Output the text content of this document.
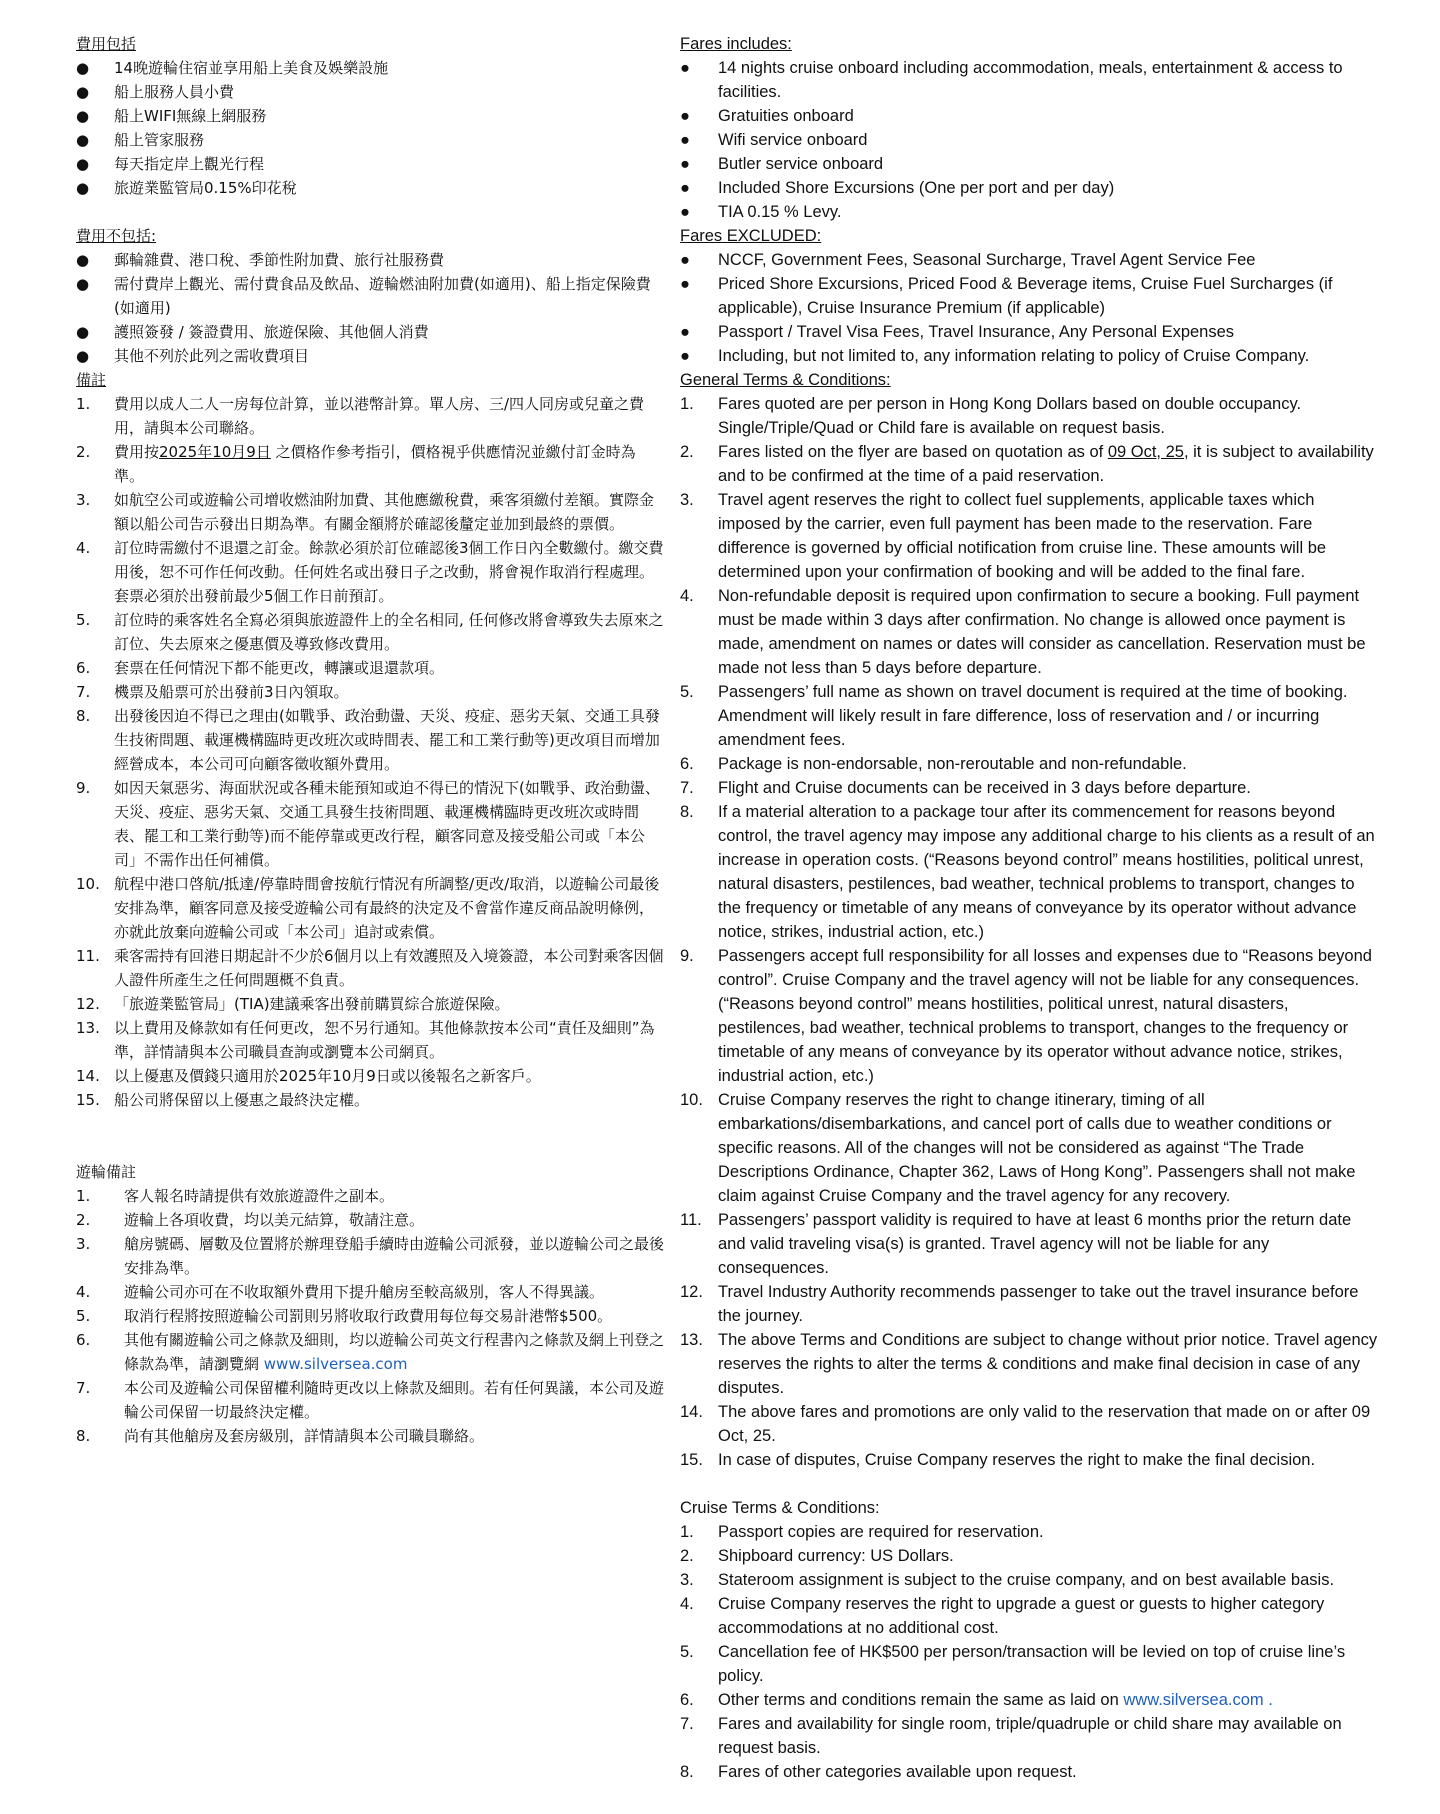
費用包括
●	14晚遊輪住宿並享用船上美食及娛樂設施
●	船上服務人員小費
●	船上WIFI無線上網服務
●	船上管家服務
●	每天指定岸上觀光行程
●	旅遊業監管局0.15%印花稅
費用不包括:
●	郵輪雜費、港口稅、季節性附加費、旅行社服務費
●	需付費岸上觀光、需付費食品及飲品、遊輪燃油附加費(如適用)、船上指定保險費(如適用)
●	護照簽發 / 簽證費用、旅遊保險、其他個人消費
●	其他不列於此列之需收費項目
備註
1.	費用以成人二人一房每位計算，並以港幣計算。單人房、三/四人同房或兒童之費用，請與本公司聯絡。
2.	費用按2025年10月9日 之價格作參考指引，價格視乎供應情況並繳付訂金時為準。
3.	如航空公司或遊輪公司增收燃油附加費、其他應繳稅費，乘客須繳付差額。實際金額以船公司告示發出日期為準。有關金額將於確認後釐定並加到最終的票價。
4.	訂位時需繳付不退還之訂金。餘款必須於訂位確認後3個工作日內全數繳付。繳交費用後，恕不可作任何改動。任何姓名或出發日子之改動，將會視作取消行程處理。套票必須於出發前最少5個工作日前預訂。
5.	訂位時的乘客姓名全寫必須與旅遊證件上的全名相同, 任何修改將會導致失去原來之訂位、失去原來之優惠價及導致修改費用。
6.	套票在任何情況下都不能更改，轉讓或退還款項。
7.	機票及船票可於出發前3日內領取。
8.	出發後因迫不得已之理由(如戰爭、政治動盪、天災、疫症、惡劣天氣、交通工具發生技術問題、載運機構臨時更改班次或時間表、罷工和工業行動等)更改項目而增加經營成本，本公司可向顧客徵收額外費用。
9.	如因天氣惡劣、海面狀況或各種未能預知或迫不得已的情況下(如戰爭、政治動盪、天災、疫症、惡劣天氣、交通工具發生技術問題、載運機構臨時更改班次或時間表、罷工和工業行動等)而不能停靠或更改行程，顧客同意及接受船公司或「本公司」不需作出任何補償。
10. 航程中港口啓航/抵達/停靠時間會按航行情況有所調整/更改/取消，以遊輪公司最後安排為準，顧客同意及接受遊輪公司有最終的決定及不會當作違反商品說明條例，亦就此放棄向遊輪公司或「本公司」追討或索償。
11. 乘客需持有回港日期起計不少於6個月以上有效護照及入境簽證，本公司對乘客因個人證件所產生之任何問題概不負責。
12. 「旅遊業監管局」(TIA)建議乘客出發前購買綜合旅遊保險。
13. 以上費用及條款如有任何更改，恕不另行通知。其他條款按本公司“責任及細則”為準，詳情請與本公司職員查詢或瀏覽本公司網頁。
14. 以上優惠及價錢只適用於2025年10月9日或以後報名之新客戶。
15. 船公司將保留以上優惠之最終決定權。
遊輪備註
1.	客人報名時請提供有效旅遊證件之副本。
2.	遊輪上各項收費，均以美元結算，敬請注意。
3.	艙房號碼、層數及位置將於辦理登船手續時由遊輪公司派發，並以遊輪公司之最後安排為準。
4.	遊輪公司亦可在不收取額外費用下提升艙房至較高級別，客人不得異議。
5.	取消行程將按照遊輪公司罰則另將收取行政費用每位每交易計港幣$500。
6.	其他有關遊輪公司之條款及細則，均以遊輪公司英文行程書內之條款及網上刊登之條款為準，請瀏覽網 www.silversea.com
7.	本公司及遊輪公司保留權利隨時更改以上條款及細則。若有任何異議，本公司及遊輪公司保留一切最終決定權。
8.	尚有其他艙房及套房級別，詳情請與本公司職員聯絡。
Fares includes:
●	14 nights cruise onboard including accommodation, meals, entertainment & access to facilities.
●	Gratuities onboard
●	Wifi service onboard
●	Butler service onboard
●	Included Shore Excursions (One per port and per day)
●	TIA 0.15 % Levy.
Fares EXCLUDED:
●	NCCF, Government Fees, Seasonal Surcharge, Travel Agent Service Fee
●	Priced Shore Excursions, Priced Food & Beverage items, Cruise Fuel Surcharges (if applicable), Cruise Insurance Premium (if applicable)
●	Passport / Travel Visa Fees, Travel Insurance, Any Personal Expenses
●	Including, but not limited to, any information relating to policy of Cruise Company.
General Terms & Conditions:
1.	Fares quoted are per person in Hong Kong Dollars based on double occupancy. Single/Triple/Quad or Child fare is available on request basis.
2.	Fares listed on the flyer are based on quotation as of 09 Oct, 25, it is subject to availability and to be confirmed at the time of a paid reservation.
3.	Travel agent reserves the right to collect fuel supplements, applicable taxes which imposed by the carrier, even full payment has been made to the reservation. Fare difference is governed by official notification from cruise line. These amounts will be determined upon your confirmation of booking and will be added to the final fare.
4.	Non-refundable deposit is required upon confirmation to secure a booking. Full payment must be made within 3 days after confirmation. No change is allowed once payment is made, amendment on names or dates will consider as cancellation. Reservation must be made not less than 5 days before departure.
5.	Passengers’ full name as shown on travel document is required at the time of booking. Amendment will likely result in fare difference, loss of reservation and / or incurring amendment fees.
6.	Package is non-endorsable, non-reroutable and non-refundable.
7.	Flight and Cruise documents can be received in 3 days before departure.
8.	If a material alteration to a package tour after its commencement for reasons beyond control, the travel agency may impose any additional charge to his clients as a result of an increase in operation costs. (“Reasons beyond control” means hostilities, political unrest, natural disasters, pestilences, bad weather, technical problems to transport, changes to the frequency or timetable of any means of conveyance by its operator without advance notice, strikes, industrial action, etc.)
9.	Passengers accept full responsibility for all losses and expenses due to “Reasons beyond control”. Cruise Company and the travel agency will not be liable for any consequences. (“Reasons beyond control” means hostilities, political unrest, natural disasters, pestilences, bad weather, technical problems to transport, changes to the frequency or timetable of any means of conveyance by its operator without advance notice, strikes, industrial action, etc.)
10. Cruise Company reserves the right to change itinerary, timing of all embarkations/disembarkations, and cancel port of calls due to weather conditions or specific reasons. All of the changes will not be considered as against “The Trade Descriptions Ordinance, Chapter 362, Laws of Hong Kong”. Passengers shall not make claim against Cruise Company and the travel agency for any recovery.
11. Passengers’ passport validity is required to have at least 6 months prior the return date and valid traveling visa(s) is granted. Travel agency will not be liable for any consequences.
12. Travel Industry Authority recommends passenger to take out the travel insurance before the journey.
13. The above Terms and Conditions are subject to change without prior notice. Travel agency reserves the rights to alter the terms & conditions and make final decision in case of any disputes.
14. The above fares and promotions are only valid to the reservation that made on or after 09 Oct, 25.
15. In case of disputes, Cruise Company reserves the right to make the final decision.
Cruise Terms & Conditions:
1.	Passport copies are required for reservation.
2.	Shipboard currency: US Dollars.
3.	Stateroom assignment is subject to the cruise company, and on best available basis.
4.	Cruise Company reserves the right to upgrade a guest or guests to higher category accommodations at no additional cost.
5.	Cancellation fee of HK$500 per person/transaction will be levied on top of cruise line’s policy.
6.	Other terms and conditions remain the same as laid on www.silversea.com .
7.	Fares and availability for single room, triple/quadruple or child share may available on request basis.
8.	Fares of other categories available upon request.
